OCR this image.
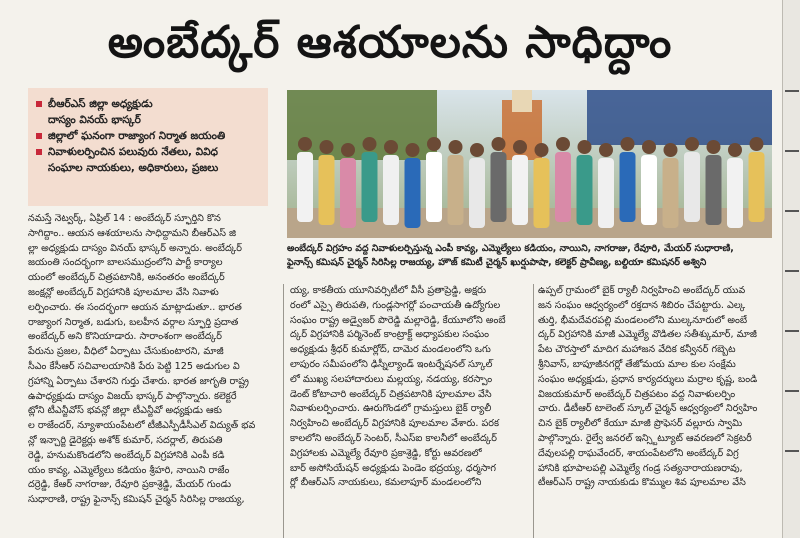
అంబేద్కర్ ఆశయాలను సాధిద్దాం
బీఆర్ఎస్ జిల్లా అధ్యక్షుడు
దాస్యం వినయ్ భాస్కర్
జిల్లాలో ఘనంగా రాజ్యాంగ నిర్మాత జయంతి
నివాళులర్పించిన పలువురు నేతలు, వివిధ
సంఘాల నాయకులు, అధికారులు, ప్రజలు
అంబేద్కర్ విగ్రహం వద్ద నివాళులర్పిస్తున్న ఎంపీ కావ్య, ఎమ్మెల్యేలు కడియం, నాయిని, నాగరాజు, రేవూరి, మేయర్ సుధారాణి,
ఫైనాన్స్ కమిషన్ చైర్మన్ సిరిసిల్ల రాజయ్య, హౌజ్ కమిటీ చైర్మన్ ఖుర్షుపాషా, కలెక్టర్ ప్రావీణ్య, బల్దియా కమిషనర్ అశ్విని

నమస్తే నెట్వర్క్, ఏప్రిల్ 14 : అంబేద్కర్ స్ఫూర్తిని కొన

సాగిద్దాం.. ఆయన ఆశయాలను సాధిద్దామని బీఆర్ఎస్ జి

ల్లా అధ్యక్షుడు దాస్యం వినయ్ భాస్కర్ అన్నారు. అంబేద్కర్

జయంతి సందర్భంగా బాలసముద్రంలోని పార్టీ కార్యాల

యంలో అంబేద్కర్ చిత్రపటానికి, అనంతరం అంబేద్కర్

జంక్షన్లో అంబేద్కర్ విగ్రహానికి పూలమాల వేసి నివాళు

లర్పించారు. ఈ సందర్భంగా ఆయన మాట్లాడుతూ.. భారత

రాజ్యాంగ నిర్మాత, బడుగు, బలహీన వర్గాల స్ఫూర్తి ప్రదాత

అంబేద్కర్ అని కొనియాడారు. సారాంశంగా అంబేద్కర్

పేరును ప్రజల, వీధిలో ఏర్పాటు చేసుకుంటారని, మాజీ

సీఎం కేసీఆర్ సచివాలయానికి పేరు పెట్టి 125 అడుగుల వి

గ్రహాన్ని ఏర్పాటు చేశారని గుర్తు చేశారు. భారత జాగృతి రాష్ట్ర

ఉపాధ్యక్షుడు దాస్యం విజయ్ భాస్కర్ పాల్గొన్నారు. కలెక్టరే

ట్లోని టీఎన్జీవోస్ భవన్లో జిల్లా టీఎన్జీవో అధ్యక్షుడు ఆకు

ల రాజేందర్, న్యూశాయంపేటలో టీజీఎస్పీడీసీఎల్ విద్యుత్ భవ

న్లో ఇన్చార్జి డైరెక్టర్లు అశోక్ కుమార్, సదర్లాల్, తిరుపతి

రెడ్డి, హనుమకొండలోని అంబేద్కర్ విగ్రహానికి ఎంపీ కడి

యం కావ్య, ఎమ్మెల్యేలు కడియం శ్రీహరి, నాయిని రాజేం

దర్రెడ్డి, కేఆర్ నాగరాజు, రేవూరి ప్రకాశ్రెడ్డి, మేయర్ గుండు

సుధారాణి, రాష్ట్ర ఫైనాన్స్ కమిషన్ చైర్మన్ సిరిసిల్ల రాజయ్య,

య్య, కాకతీయ యూనివర్సిటీలో వీసీ ప్రతాప్రెడ్డి, అక్షరు

రంలో ఎస్సై తిరుపతి, గుండ్లసాగర్లో పంచాయతీ ఉద్యోగుల

సంఘం రాష్ట్ర అడ్వైజర్ పొరెడ్డి మల్లారెడ్డి, కేయూలోని అంబే

ద్కర్ విగ్రహానికి పర్మినెంట్ కాంట్రాక్ట్ అధ్యాపకుల సంఘం

అధ్యక్షుడు శ్రీధర్ కుమార్లోద్, దామెర మండలంలోని ఒగు

లాపురం సమీపంలోని ఢిస్నీల్యాండ్ ఇంటర్నేషనల్ స్కూల్

లో ముఖ్య సలహాదారులు మల్లయ్య, నడయ్య, కరస్పాం

డెంట్ కోటాచారి అంబేద్కర్ చిత్రపటానికి పూలమాల వేసి

నివాళులర్పించారు. ఊరుగొండలో గ్రామస్తులు బైక్ ర్యాలీ

నిర్వహించి అంబేద్కర్ విగ్రహానికి పూలమాల వేశారు. పరక

కాలలోని అంబేద్కర్ సెంటర్, సీఎస్ఐ కాలనీలో అంబేద్కర్

విగ్రహాలకు ఎమ్మెల్యే రేవూరి ప్రకాశ్రెడ్డి, కోర్టు ఆవరణలో

బార్ అసోసియేషన్ అధ్యక్షుడు పెండెం భద్రయ్య, ధర్మసాగ

ర్లో బీఆర్ఎస్ నాయకులు, కమలాపూర్ మండలంలోని

ఉప్పల్ గ్రామంలో బైక్ ర్యాలీ నిర్వహించి అంబేద్కర్ యువ

జన సంఘం ఆధ్వర్యంలో రక్తదాన శిబిరం చేపట్టారు. ఎల్క

తుర్తి, భీమదేవరపల్లి మండలంలోని ముల్కనూరులో అంబే

ద్కర్ విగ్రహానికి మాజీ ఎమ్మెల్యే వొడితల సతీశ్కుమార్, మాజీ

పేట చౌరస్తాలో మాదిగ మహాజన వేదిక కన్వీనర్ గబ్బెట

శ్రీనివాస్, బాపూజీనగర్లో తేజోమయ మాల కుల సంక్షేమ

సంఘం అధ్యక్షుడు, ప్రధాన కార్యదర్శులు మర్రాల కృష్ణ, బండి

విజయకుమార్ అంబేద్కర్ చిత్రపటం వద్ద నివాళులర్పిం

చారు. డీటీఆర్ టాలెంట్ స్కూల్ చైర్మన్ ఆధ్వర్యంలో నిర్వహిం

చిన బైక్ ర్యాలీలో కేయూ మాజీ ప్రొఫెసర్ వల్లూరు స్వామి

పాల్గొన్నారు. రైల్వే జనరల్ ఇన్స్టిట్యూట్ ఆవరణలో సెక్రటరీ

దేవులపల్లి రాఘవేందర్, శాయంపేటలోని అంబేద్కర్ విగ్ర

హానికి భూపాలపల్లి ఎమ్మెల్యే గండ్ర సత్యనారాయణరావు,

టీఆర్ఎస్ రాష్ట్ర నాయకుడు కొమ్ముల శివ పూలమాల వేసి
